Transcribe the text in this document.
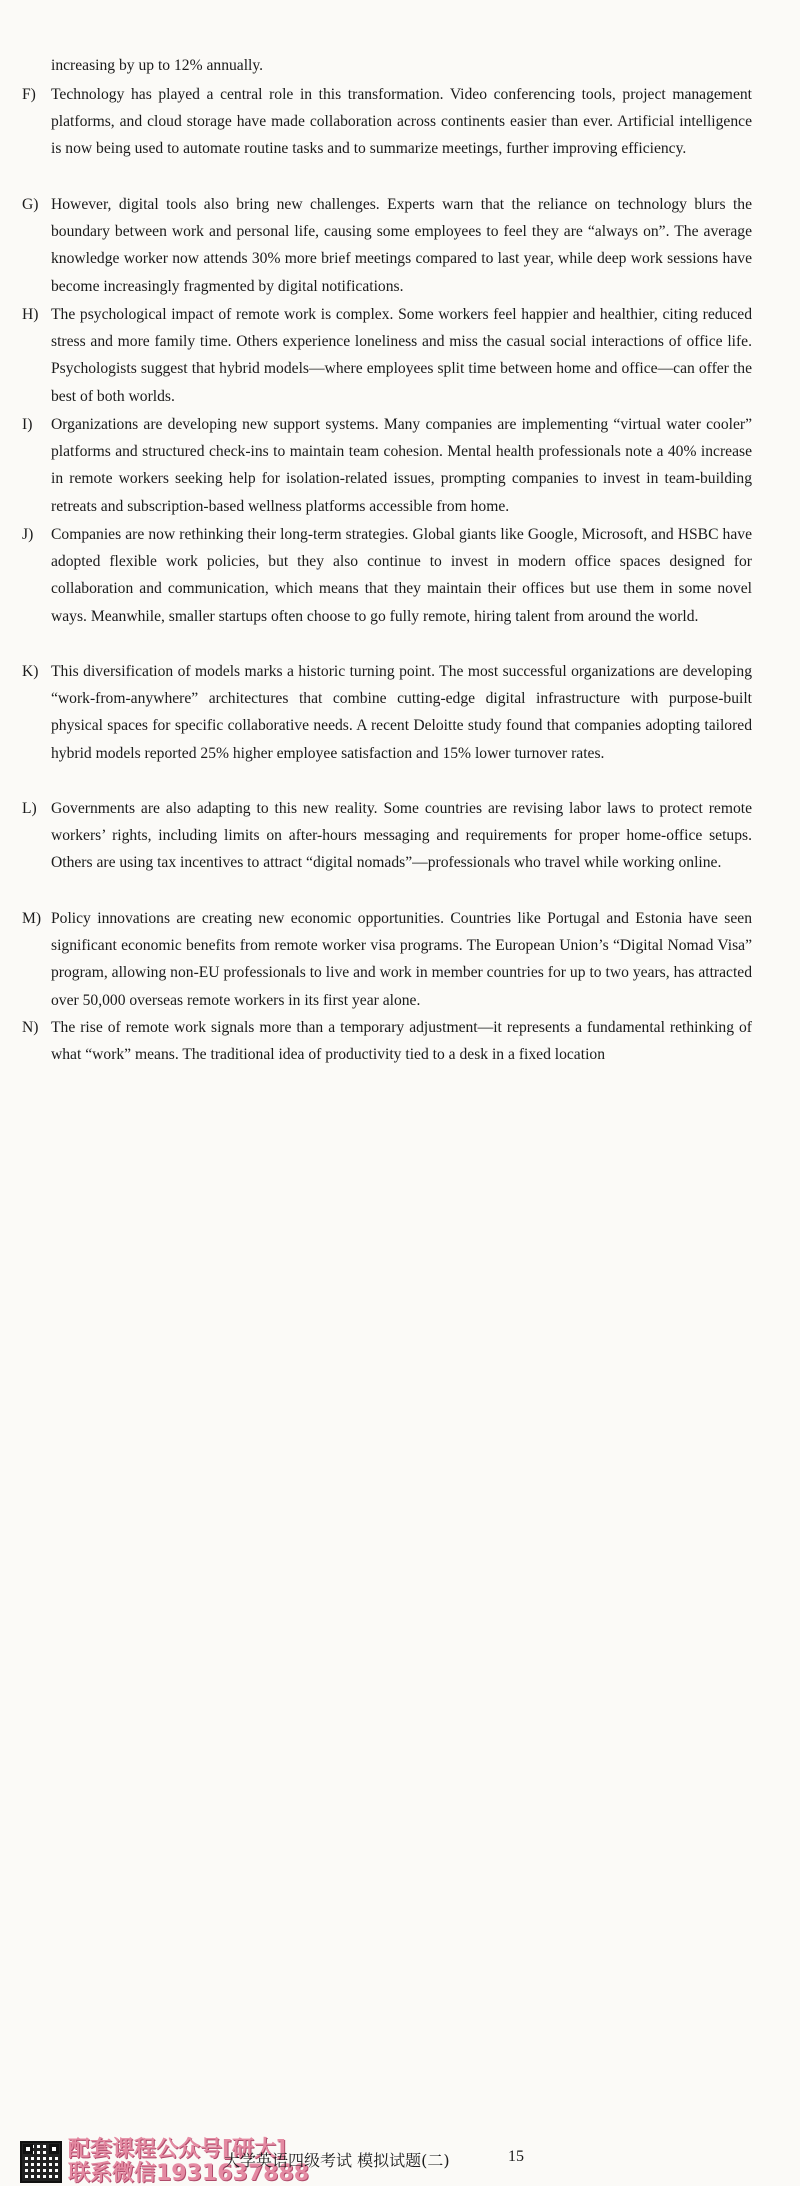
increasing by up to 12% annually.
F) Technology has played a central role in this transformation. Video conferencing tools, project management platforms, and cloud storage have made collaboration across continents easier than ever. Artificial intelligence is now being used to automate routine tasks and to summarize meetings, further improving efficiency.
G) However, digital tools also bring new challenges. Experts warn that the reliance on technology blurs the boundary between work and personal life, causing some employees to feel they are “always on”. The average knowledge worker now attends 30% more brief meetings compared to last year, while deep work sessions have become increasingly fragmented by digital notifications.
H) The psychological impact of remote work is complex. Some workers feel happier and healthier, citing reduced stress and more family time. Others experience loneliness and miss the casual social interactions of office life. Psychologists suggest that hybrid models—where employees split time between home and office—can offer the best of both worlds.
I)	Organizations are developing new support systems. Many companies are implementing “virtual water cooler” platforms and structured check-ins to maintain team cohesion. Mental health professionals note a 40% increase in remote workers seeking help for isolation-related issues, prompting companies to invest in team-building retreats and subscription-based wellness platforms accessible from home.
J)	Companies are now rethinking their long-term strategies. Global giants like Google, Microsoft, and HSBC have adopted flexible work policies, but they also continue to invest in modern office spaces designed for collaboration and communication, which means that they maintain their offices but use them in some novel ways. Meanwhile, smaller startups often choose to go fully remote, hiring talent from around the world.
K) This diversification of models marks a historic turning point. The most successful organizations are developing “work-from-anywhere” architectures that combine cutting-edge digital infrastructure with purpose-built physical spaces for specific collaborative needs. A recent Deloitte study found that companies adopting tailored hybrid models reported 25% higher employee satisfaction and 15% lower turnover rates.
L) Governments are also adapting to this new reality. Some countries are revising labor laws to protect remote workers’ rights, including limits on after-hours messaging and requirements for proper home-office setups. Others are using tax incentives to attract “digital nomads”—professionals who travel while working online.
M) Policy innovations are creating new economic opportunities. Countries like Portugal and Estonia have seen significant economic benefits from remote worker visa programs. The European Union’s “Digital Nomad Visa” program, allowing non-EU professionals to live and work in member countries for up to two years, has attracted over 50,000 overseas remote workers in its first year alone.
N) The rise of remote work signals more than a temporary adjustment—it represents a fundamental rethinking of what “work” means. The traditional idea of productivity tied to a desk in a fixed location
配套课程公众号[研大]
联系微信1931637888
大学英语四级考试 模拟试题(二)	15
